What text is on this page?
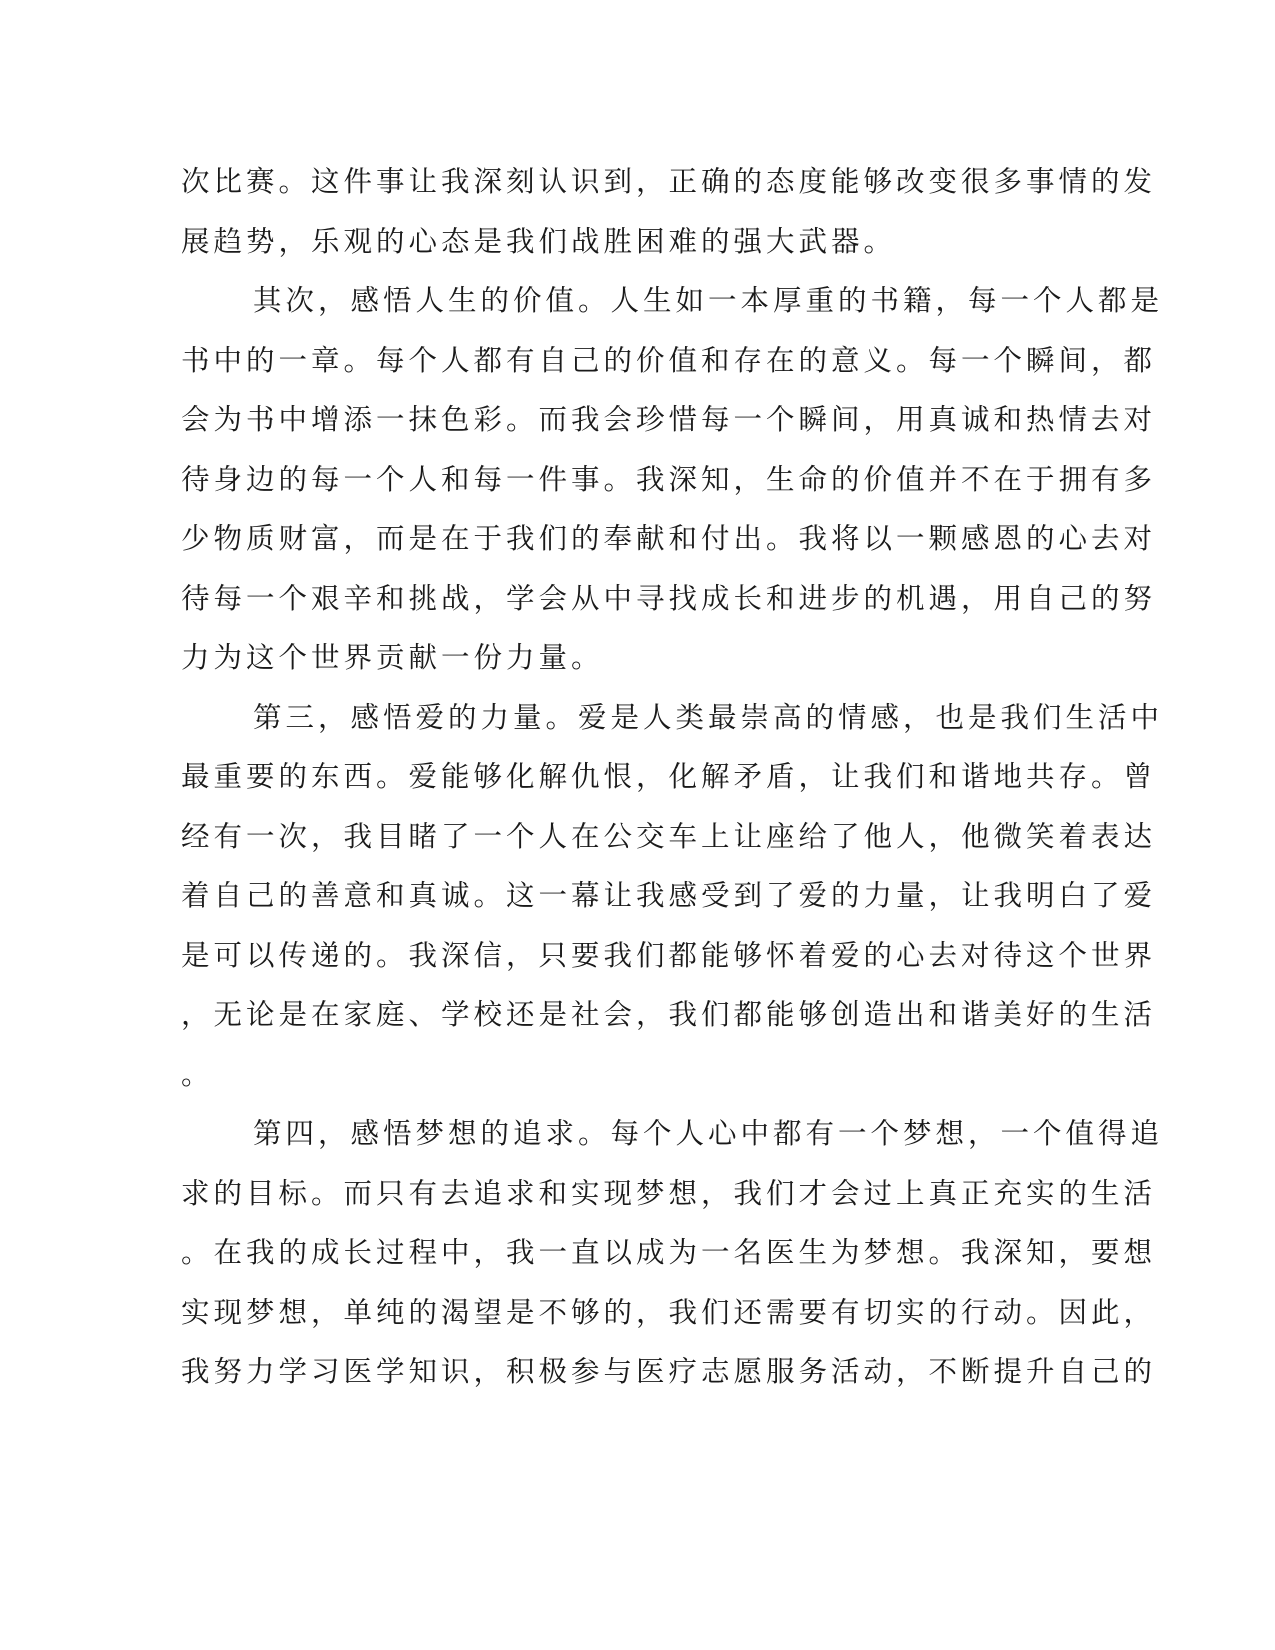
次比赛。这件事让我深刻认识到，正确的态度能够改变很多事情的发
展趋势，乐观的心态是我们战胜困难的强大武器。
其次，感悟人生的价值。人生如一本厚重的书籍，每一个人都是
书中的一章。每个人都有自己的价值和存在的意义。每一个瞬间，都
会为书中增添一抹色彩。而我会珍惜每一个瞬间，用真诚和热情去对
待身边的每一个人和每一件事。我深知，生命的价值并不在于拥有多
少物质财富，而是在于我们的奉献和付出。我将以一颗感恩的心去对
待每一个艰辛和挑战，学会从中寻找成长和进步的机遇，用自己的努
力为这个世界贡献一份力量。
第三，感悟爱的力量。爱是人类最崇高的情感，也是我们生活中
最重要的东西。爱能够化解仇恨，化解矛盾，让我们和谐地共存。曾
经有一次，我目睹了一个人在公交车上让座给了他人，他微笑着表达
着自己的善意和真诚。这一幕让我感受到了爱的力量，让我明白了爱
是可以传递的。我深信，只要我们都能够怀着爱的心去对待这个世界
，无论是在家庭、学校还是社会，我们都能够创造出和谐美好的生活
。
第四，感悟梦想的追求。每个人心中都有一个梦想，一个值得追
求的目标。而只有去追求和实现梦想，我们才会过上真正充实的生活
。在我的成长过程中，我一直以成为一名医生为梦想。我深知，要想
实现梦想，单纯的渴望是不够的，我们还需要有切实的行动。因此，
我努力学习医学知识，积极参与医疗志愿服务活动，不断提升自己的
